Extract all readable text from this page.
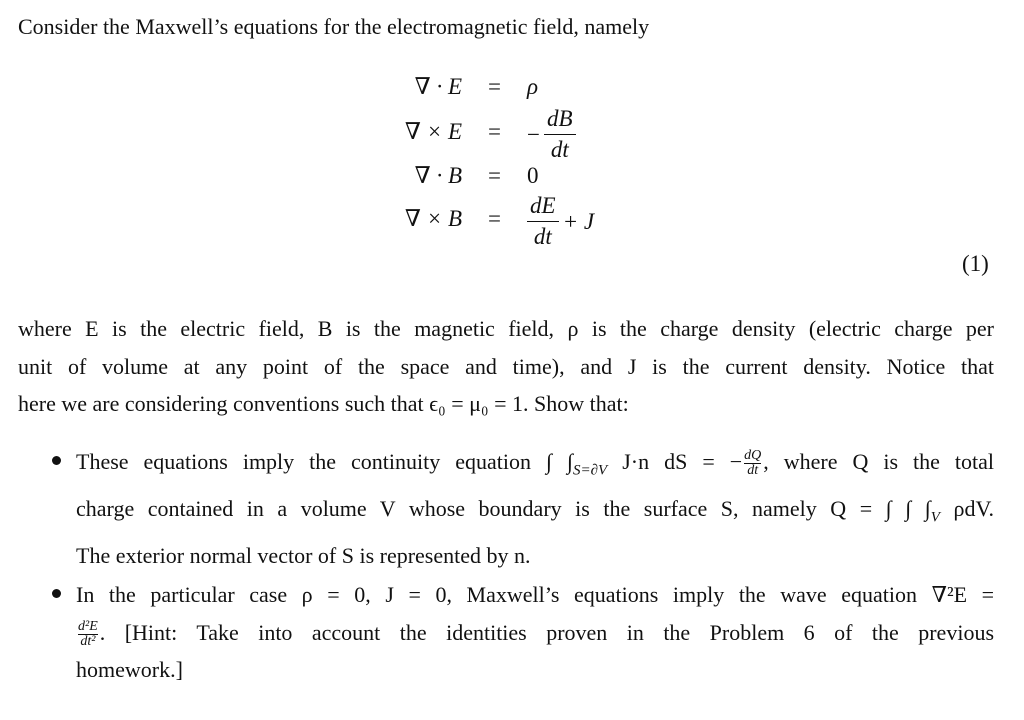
Consider the Maxwell’s equations for the electromagnetic field, namely
∇ · E = ρ
∇ × E = − $\frac{dB}{dt}$
∇ · B = 0
∇ × $B = \frac{dE}{dt} + J$
(1)
where E is the electric field, B is the magnetic field, ρ is the charge density (electric charge per
unit of volume at any point of the space and time), and J is the current density. Notice that
here we are considering conventions such that ϵ₀ = μ₀ = 1. Show that:
These equations imply the continuity equation ∫ $\int_{S=\partial V}$ J·n dS = − $\frac{dQ}{dt}$ , where Q is the total
charge contained in a volume V whose boundary is the surface S, namely Q = ∫ ∫ $\int_V$ ρdV.
The exterior normal vector of S is represented by n.
In the particular case ρ = 0, J = 0, Maxwell’s equations imply the wave equation ∇²E =
$\frac{\text{d²E}}{\text{dt²}}$ . [Hint: Take into account the identities proven in the Problem 6 of the previous
homework.]
